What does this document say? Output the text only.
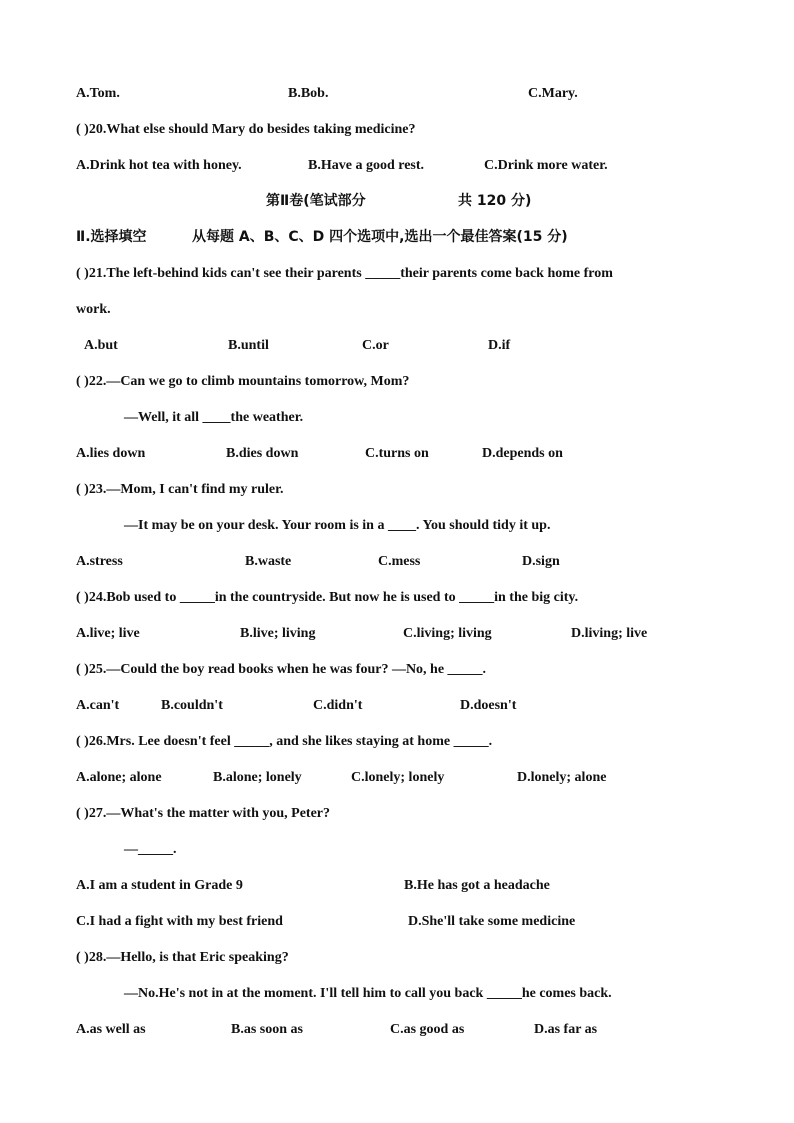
A.Tom.	B.Bob.	C.Mary.
( )20.What else should Mary do besides taking medicine?
A.Drink hot tea with honey.	B.Have a good rest.	C.Drink more water.
第Ⅱ卷(笔试部分	共 120 分)
Ⅱ.选择填空	从每题 A、B、C、D 四个选项中,选出一个最佳答案(15 分)
( )21.The left-behind kids can't see their parents _____their parents come back home from
work.
A.but	B.until	C.or	D.if
( )22.—Can we go to climb mountains tomorrow, Mom?
—Well, it all ____the weather.
A.lies down	B.dies down	C.turns on	D.depends on
( )23.—Mom, I can't find my ruler.
—It may be on your desk. Your room is in a ____. You should tidy it up.
A.stress	B.waste	C.mess	D.sign
( )24.Bob used to _____in the countryside. But now he is used to _____in the big city.
A.live; live	B.live; living	C.living; living	D.living; live
( )25.—Could the boy read books when he was four? —No, he _____.
A.can't	B.couldn't	C.didn't	D.doesn't
( )26.Mrs. Lee doesn't feel _____, and she likes staying at home _____.
A.alone; alone	B.alone; lonely	C.lonely; lonely	D.lonely; alone
( )27.—What's the matter with you, Peter?
—_____.
A.I am a student in Grade 9	B.He has got a headache
C.I had a fight with my best friend	D.She'll take some medicine
( )28.—Hello, is that Eric speaking?
—No.He's not in at the moment. I'll tell him to call you back _____he comes back.
A.as well as	B.as soon as	C.as good as	D.as far as
